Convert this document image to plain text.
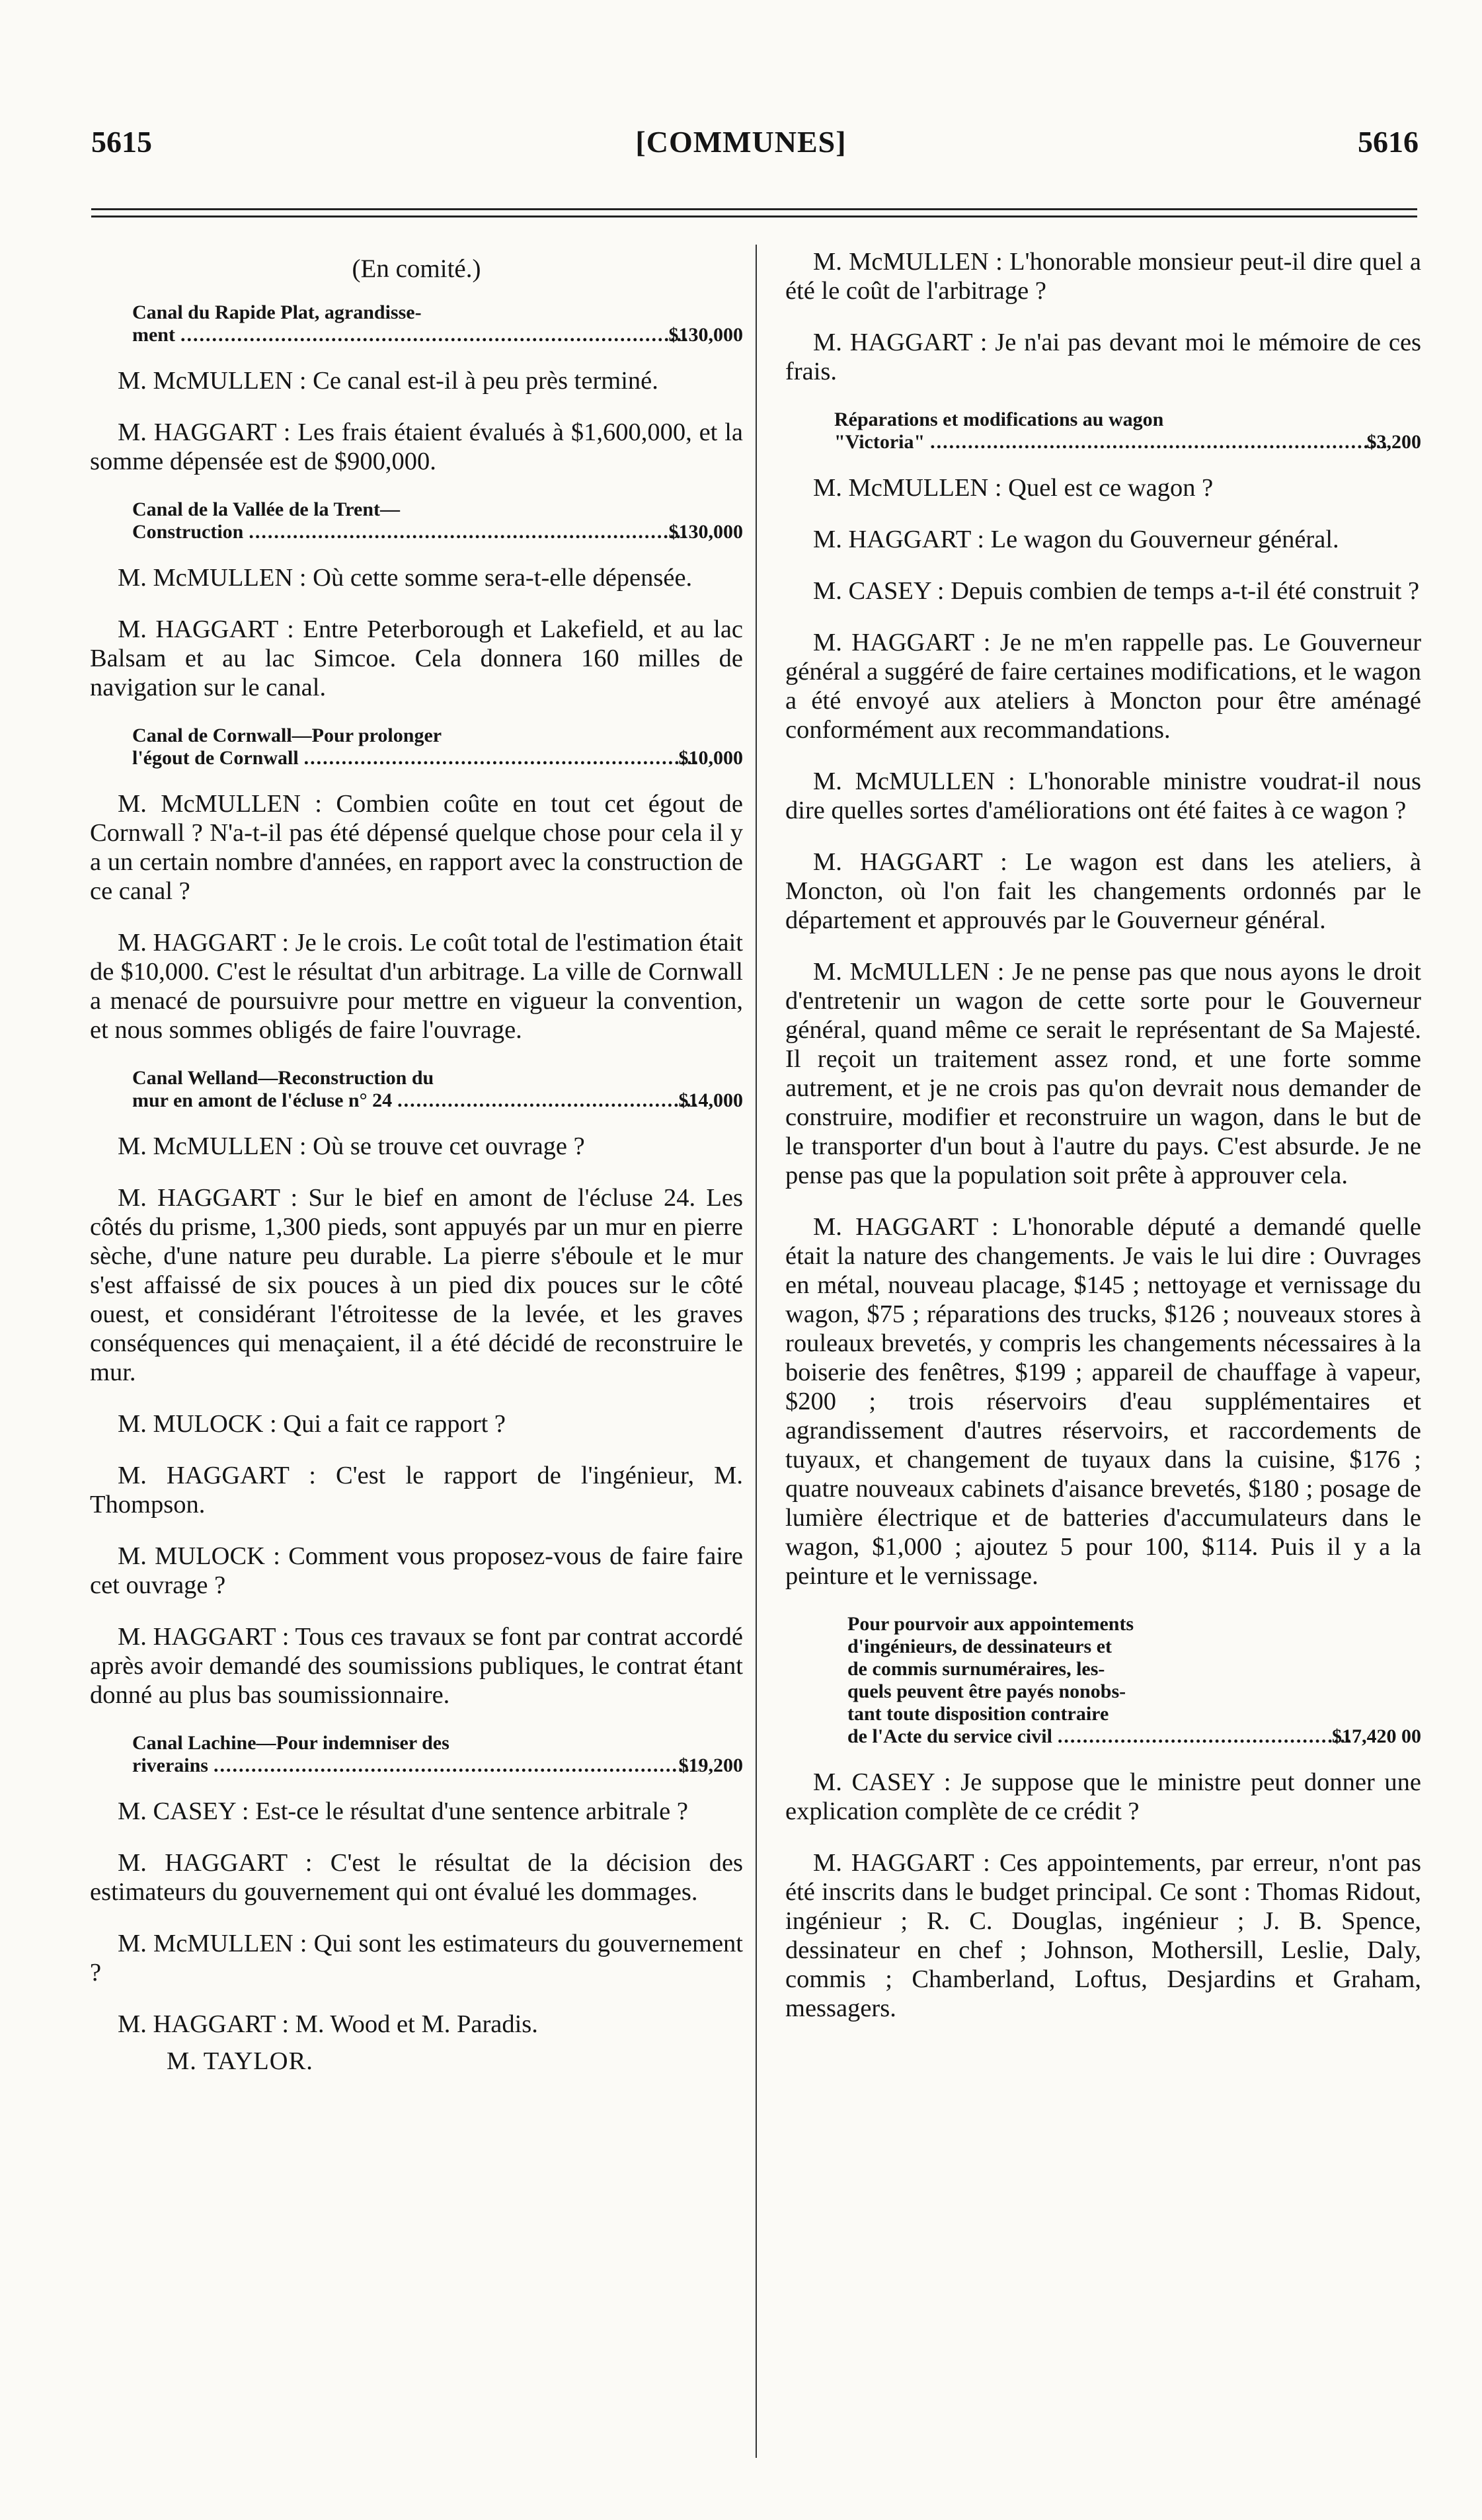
5615	[COMMUNES]	5616
(En comité.)
Canal du Rapide Plat, agrandisse-
ment .....	$130,000

M. McMULLEN : Ce canal est-il à peu près terminé.

M. HAGGART : Les frais étaient évalués à $1,600,000, et la somme dépensée est de $900,000.

Canal de la Vallée de la Trent—
Construction .....	$130,000

M. McMULLEN : Où cette somme sera-t-elle dépensée.

M. HAGGART : Entre Peterborough et Lakefield, et au lac Balsam et au lac Simcoe. Cela donnera 160 milles de navigation sur le canal.

Canal de Cornwall—Pour prolonger
l'égout de Cornwall .....	$10,000

M. McMULLEN : Combien coûte en tout cet égout de Cornwall ? N'a-t-il pas été dépensé quelque chose pour cela il y a un certain nombre d'années, en rapport avec la construction de ce canal ?

M. HAGGART : Je le crois. Le coût total de l'estimation était de $10,000. C'est le résultat d'un arbitrage. La ville de Cornwall a menacé de poursuivre pour mettre en vigueur la convention, et nous sommes obligés de faire l'ouvrage.

Canal Welland—Reconstruction du
mur en amont de l'écluse n° 24 .....	$14,000

M. McMULLEN : Où se trouve cet ouvrage ?

M. HAGGART : Sur le bief en amont de l'écluse 24. Les côtés du prisme, 1,300 pieds, sont appuyés par un mur en pierre sèche, d'une nature peu durable. La pierre s'éboule et le mur s'est affaissé de six pouces à un pied dix pouces sur le côté ouest, et considérant l'étroitesse de la levée, et les graves conséquences qui menaçaient, il a été décidé de reconstruire le mur.

M. MULOCK : Qui a fait ce rapport ?

M. HAGGART : C'est le rapport de l'ingénieur, M. Thompson.

M. MULOCK : Comment vous proposez-vous de faire faire cet ouvrage ?

M. HAGGART : Tous ces travaux se font par contrat accordé après avoir demandé des soumissions publiques, le contrat étant donné au plus bas soumissionnaire.

Canal Lachine—Pour indemniser des
riverains .....	$19,200

M. CASEY : Est-ce le résultat d'une sentence arbitrale ?

M. HAGGART : C'est le résultat de la décision des estimateurs du gouvernement qui ont évalué les dommages.

M. McMULLEN : Qui sont les estimateurs du gouvernement ?

M. HAGGART : M. Wood et M. Paradis.

M. TAYLOR.

M. McMULLEN : L'honorable monsieur peut-il dire quel a été le coût de l'arbitrage ?

M. HAGGART : Je n'ai pas devant moi le mémoire de ces frais.

Réparations et modifications au wagon
"Victoria" .....	$3,200

M. McMULLEN : Quel est ce wagon ?

M. HAGGART : Le wagon du Gouverneur général.

M. CASEY : Depuis combien de temps a-t-il été construit ?

M. HAGGART : Je ne m'en rappelle pas. Le Gouverneur général a suggéré de faire certaines modifications, et le wagon a été envoyé aux ateliers à Moncton pour être aménagé conformément aux recommandations.

M. McMULLEN : L'honorable ministre voudrat-il nous dire quelles sortes d'améliorations ont été faites à ce wagon ?

M. HAGGART : Le wagon est dans les ateliers, à Moncton, où l'on fait les changements ordonnés par le département et approuvés par le Gouverneur général.

M. McMULLEN : Je ne pense pas que nous ayons le droit d'entretenir un wagon de cette sorte pour le Gouverneur général, quand même ce serait le représentant de Sa Majesté. Il reçoit un traitement assez rond, et une forte somme autrement, et je ne crois pas qu'on devrait nous demander de construire, modifier et reconstruire un wagon, dans le but de le transporter d'un bout à l'autre du pays. C'est absurde. Je ne pense pas que la population soit prête à approuver cela.

M. HAGGART : L'honorable député a demandé quelle était la nature des changements. Je vais le lui dire : Ouvrages en métal, nouveau placage, $145 ; nettoyage et vernissage du wagon, $75 ; réparations des trucks, $126 ; nouveaux stores à rouleaux brevetés, y compris les changements nécessaires à la boiserie des fenêtres, $199 ; appareil de chauffage à vapeur, $200 ; trois réservoirs d'eau supplémentaires et agrandissement d'autres réservoirs, et raccordements de tuyaux, et changement de tuyaux dans la cuisine, $176 ; quatre nouveaux cabinets d'aisance brevetés, $180 ; posage de lumière électrique et de batteries d'accumulateurs dans le wagon, $1,000 ; ajoutez 5 pour 100, $114. Puis il y a la peinture et le vernissage.

Pour pourvoir aux appointements
d'ingénieurs, de dessinateurs et
de commis surnuméraires, les-
quels peuvent être payés nonobs-
tant toute disposition contraire
de l'Acte du service civil .....	$17,420 00

M. CASEY : Je suppose que le ministre peut donner une explication complète de ce crédit ?

M. HAGGART : Ces appointements, par erreur, n'ont pas été inscrits dans le budget principal. Ce sont : Thomas Ridout, ingénieur ; R. C. Douglas, ingénieur ; J. B. Spence, dessinateur en chef ; Johnson, Mothersill, Leslie, Daly, commis ; Chamberland, Loftus, Desjardins et Graham, messagers.
